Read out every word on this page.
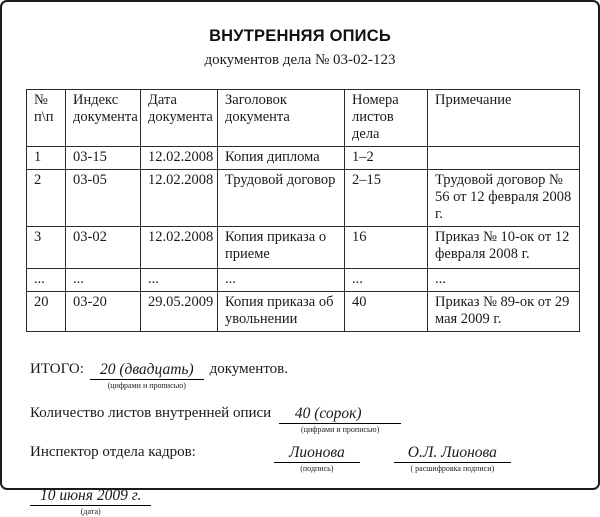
ВНУТРЕННЯЯ ОПИСЬ
документов дела № 03-02-123
№ п\п	Индекс документа	Дата документа	Заголовок документа	Номера листов дела	Примечание
1	03-15	12.02.2008	Копия диплома	1–2	
2	03-05	12.02.2008	Трудовой договор	2–15	Трудовой договор № 56 от 12 февраля 2008 г.
3	03-02	12.02.2008	Копия приказа о приеме	16	Приказ № 10-ок от 12 февраля 2008 г.
...	...	...	...	...	...
20	03-20	29.05.2009	Копия приказа об увольнении	40	Приказ № 89-ок от 29 мая 2009 г.
ИТОГО:	20 (двадцать)
(цифрами и прописью)
документов.
Количество листов внутренней описи	40 (сорок)
(цифрами и прописью)
Инспектор отдела кадров:	Лионова
(подпись)
О.Л. Лионова
( расшифровка подписи)
10 июня 2009 г.
(дата)
